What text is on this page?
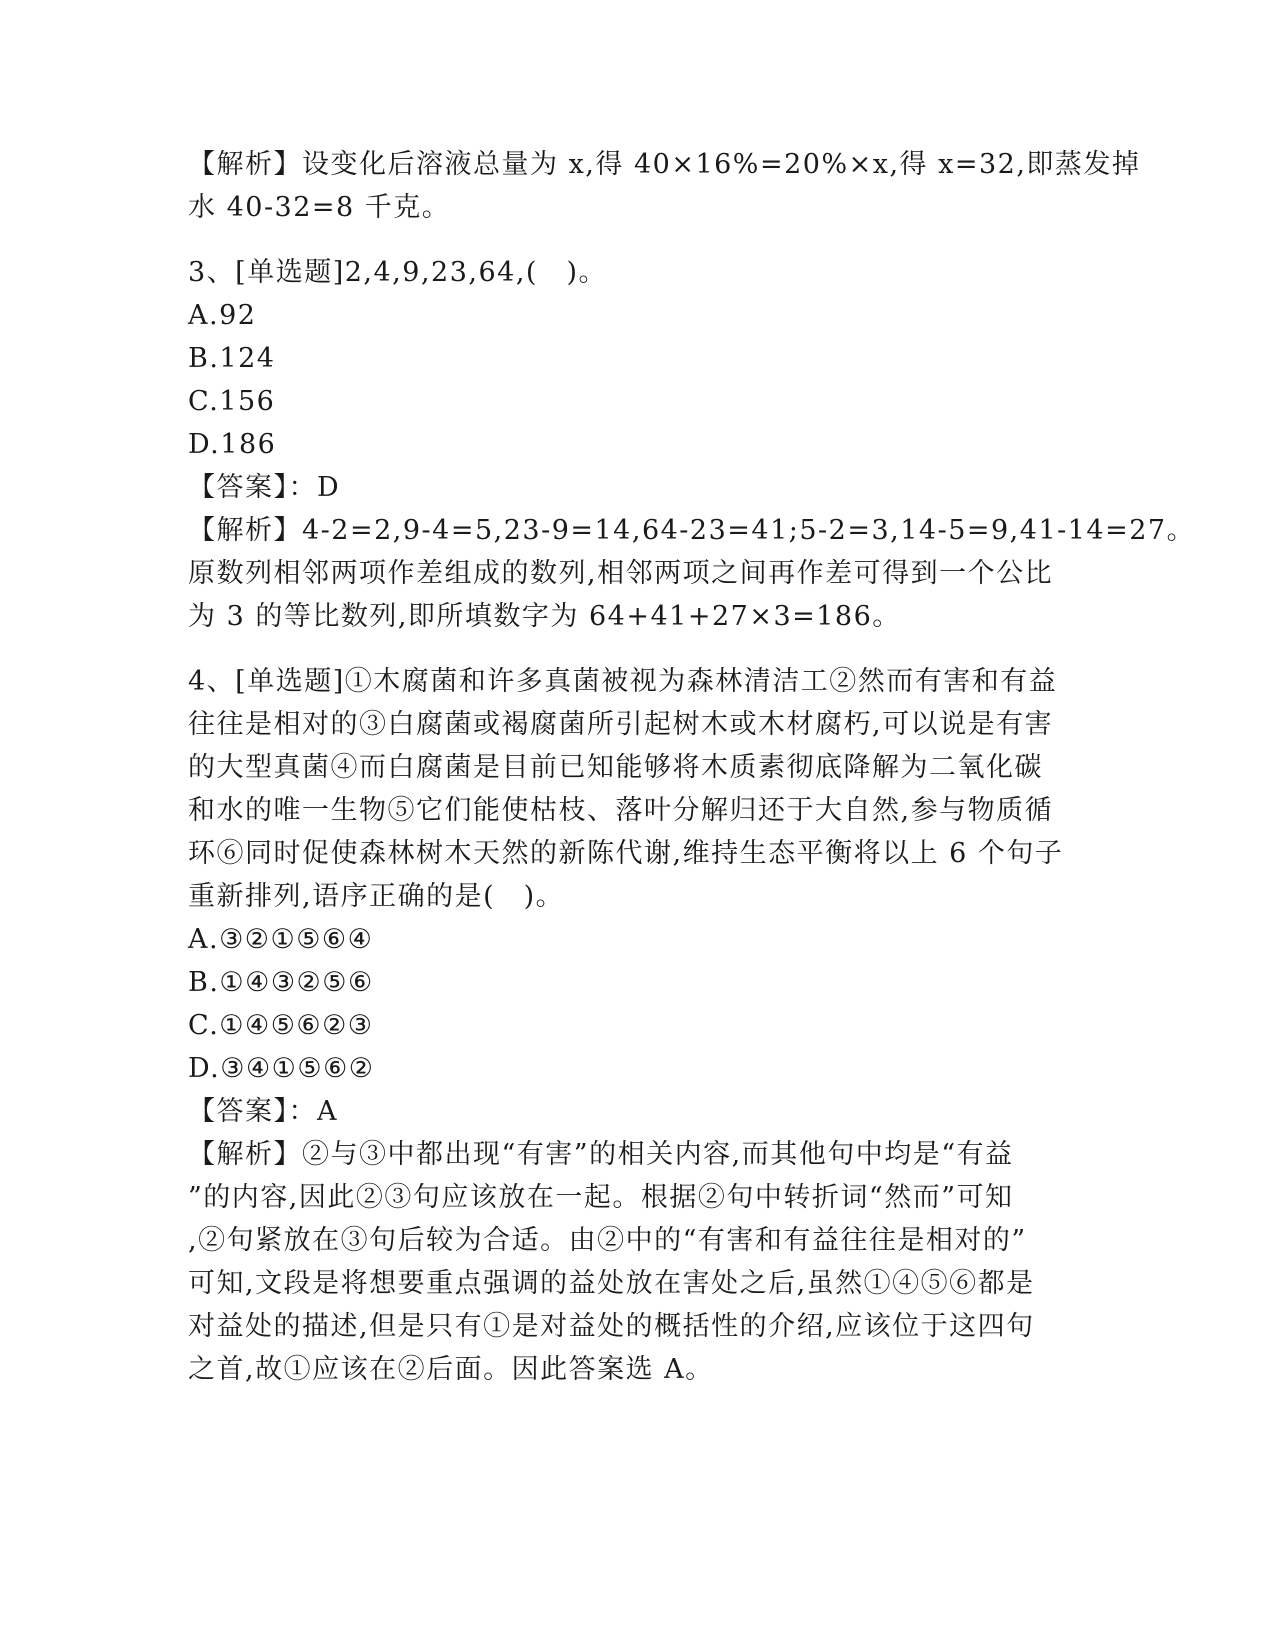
【解析】设变化后溶液总量为 x,得 40×16%=20%×x,得 x=32,即蒸发掉
水 40-32=8 千克。
3、[单选题]2,4,9,23,64,(　)。
A.92
B.124
C.156
D.186
【答案】：D
【解析】4-2=2,9-4=5,23-9=14,64-23=41;5-2=3,14-5=9,41-14=27。
原数列相邻两项作差组成的数列,相邻两项之间再作差可得到一个公比
为 3 的等比数列,即所填数字为 64+41+27×3=186。
4、[单选题]①木腐菌和许多真菌被视为森林清洁工②然而有害和有益
往往是相对的③白腐菌或褐腐菌所引起树木或木材腐朽,可以说是有害
的大型真菌④而白腐菌是目前已知能够将木质素彻底降解为二氧化碳
和水的唯一生物⑤它们能使枯枝、落叶分解归还于大自然,参与物质循
环⑥同时促使森林树木天然的新陈代谢,维持生态平衡将以上 6 个句子
重新排列,语序正确的是(　)。
A.③②①⑤⑥④
B.①④③②⑤⑥
C.①④⑤⑥②③
D.③④①⑤⑥②
【答案】：A
【解析】②与③中都出现“有害”的相关内容,而其他句中均是“有益
”的内容,因此②③句应该放在一起。根据②句中转折词“然而”可知
,②句紧放在③句后较为合适。由②中的“有害和有益往往是相对的”
可知,文段是将想要重点强调的益处放在害处之后,虽然①④⑤⑥都是
对益处的描述,但是只有①是对益处的概括性的介绍,应该位于这四句
之首,故①应该在②后面。因此答案选 A。
